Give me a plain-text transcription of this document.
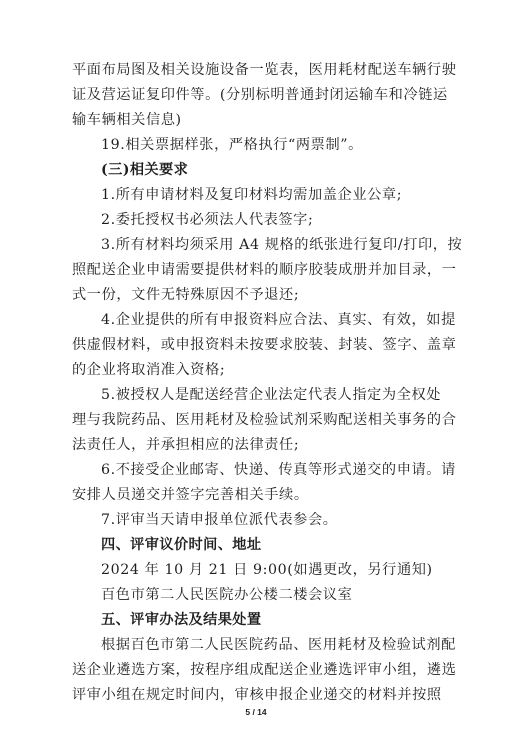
平面布局图及相关设施设备一览表，医用耗材配送车辆行驶
证及营运证复印件等。(分别标明普通封闭运输车和冷链运
输车辆相关信息)
19.相关票据样张，严格执行“两票制”。
(三)相关要求
1.所有申请材料及复印材料均需加盖企业公章;
2.委托授权书必须法人代表签字;
3.所有材料均须采用 A4 规格的纸张进行复印/打印，按
照配送企业申请需要提供材料的顺序胶装成册并加目录，一
式一份，文件无特殊原因不予退还;
4.企业提供的所有申报资料应合法、真实、有效，如提
供虚假材料，或申报资料未按要求胶装、封装、签字、盖章
的企业将取消准入资格;
5.被授权人是配送经营企业法定代表人指定为全权处
理与我院药品、医用耗材及检验试剂采购配送相关事务的合
法责任人，并承担相应的法律责任;
6.不接受企业邮寄、快递、传真等形式递交的申请。请
安排人员递交并签字完善相关手续。
7.评审当天请申报单位派代表参会。
四、评审议价时间、地址
2024 年 10 月 21 日 9:00(如遇更改，另行通知)
百色市第二人民医院办公楼二楼会议室
五、评审办法及结果处置
根据百色市第二人民医院药品、医用耗材及检验试剂配
送企业遴选方案，按程序组成配送企业遴选评审小组，遴选
评审小组在规定时间内，审核申报企业递交的材料并按照
5 / 14
